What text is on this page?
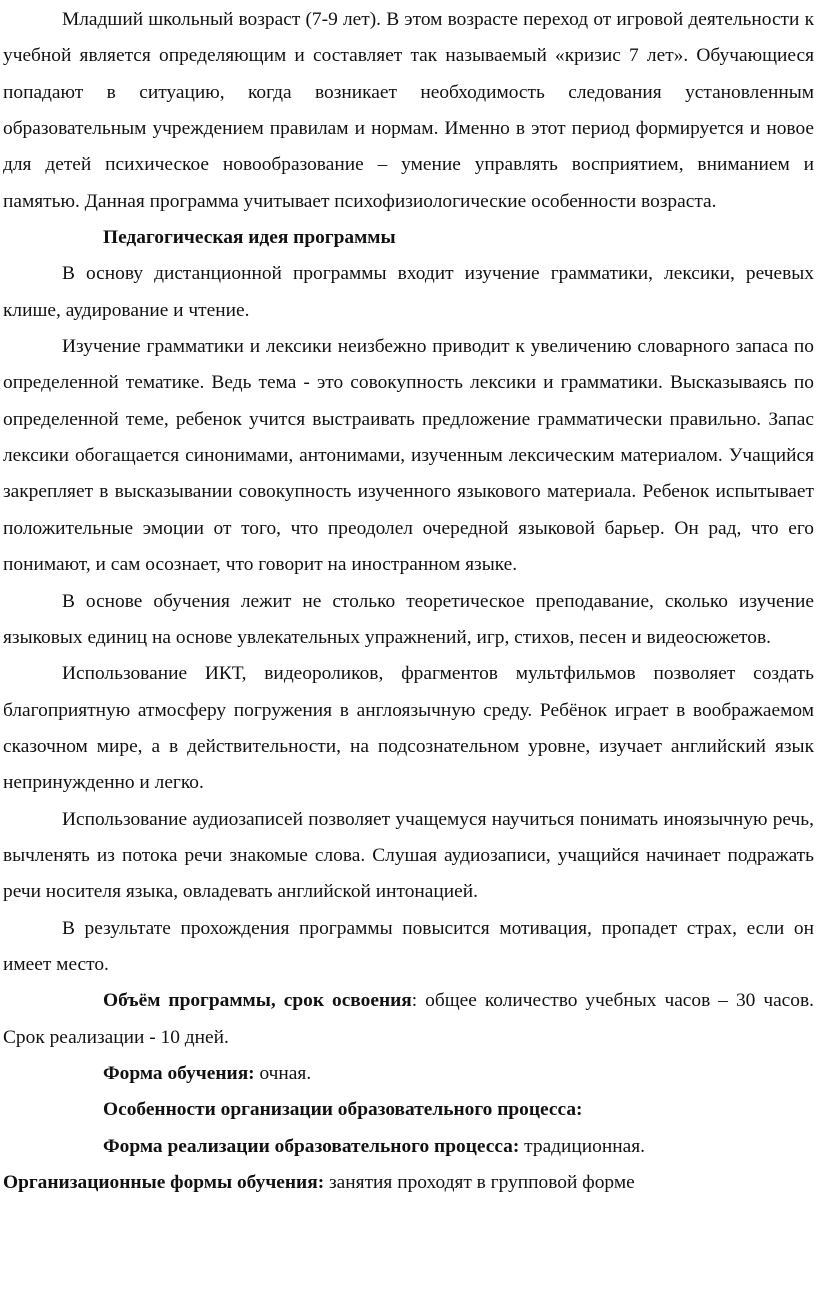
Младший школьный возраст (7-9 лет). В этом возрасте переход от игровой деятельности к учебной является определяющим и составляет так называемый «кризис 7 лет». Обучающиеся попадают в ситуацию, когда возникает необходимость следования установленным образовательным учреждением правилам и нормам. Именно в этот период формируется и новое для детей психическое новообразование – умение управлять восприятием, вниманием и памятью. Данная программа учитывает психофизиологические особенности возраста.

Педагогическая идея программы

В основу дистанционной программы входит изучение грамматики, лексики, речевых клише, аудирование и чтение.

Изучение грамматики и лексики неизбежно приводит к увеличению словарного запаса по определенной тематике. Ведь тема - это совокупность лексики и грамматики. Высказываясь по определенной теме, ребенок учится выстраивать предложение грамматически правильно. Запас лексики обогащается синонимами, антонимами, изученным лексическим материалом. Учащийся закрепляет в высказывании совокупность изученного языкового материала. Ребенок испытывает положительные эмоции от того, что преодолел очередной языковой барьер. Он рад, что его понимают, и сам осознает, что говорит на иностранном языке.

В основе обучения лежит не столько теоретическое преподавание, сколько изучение языковых единиц на основе увлекательных упражнений, игр, стихов, песен и видеосюжетов.

Использование ИКТ, видеороликов, фрагментов мультфильмов позволяет создать благоприятную атмосферу погружения в англоязычную среду. Ребёнок играет в воображаемом сказочном мире, а в действительности, на подсознательном уровне, изучает английский язык непринужденно и легко.

Использование аудиозаписей позволяет учащемуся научиться понимать иноязычную речь, вычленять из потока речи знакомые слова. Слушая аудиозаписи, учащийся начинает подражать речи носителя языка, овладевать английской интонацией.

В результате прохождения программы повысится мотивация, пропадет страх, если он имеет место.

Объём программы, срок освоения: общее количество учебных часов – 30 часов. Срок реализации - 10 дней.

Форма обучения: очная.

Особенности организации образовательного процесса:

Форма реализации образовательного процесса: традиционная.

Организационные формы обучения: занятия проходят в групповой форме
